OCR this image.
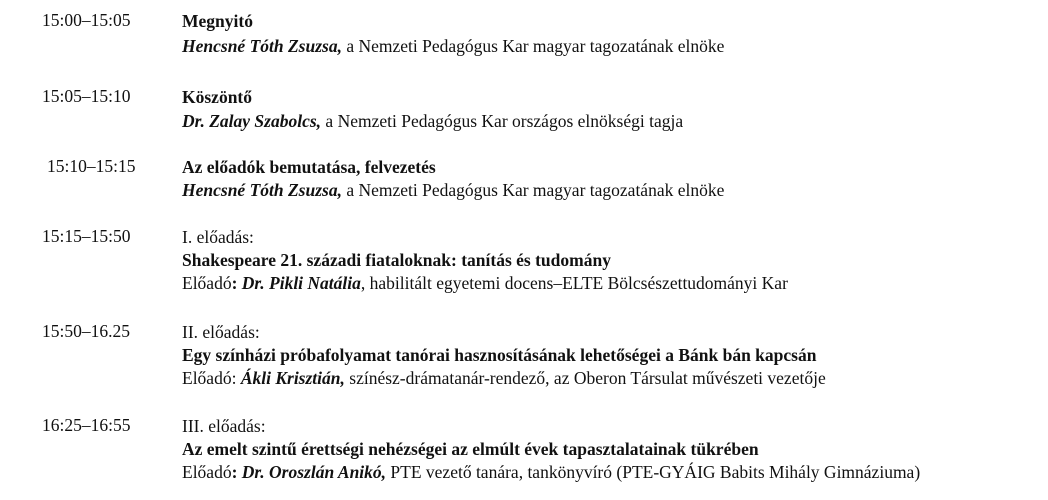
15:00–15:05	Megnyitó
Hencsné Tóth Zsuzsa, a Nemzeti Pedagógus Kar magyar tagozatának elnöke
15:05–15:10	Köszöntő
Dr. Zalay Szabolcs, a Nemzeti Pedagógus Kar országos elnökségi tagja
15:10–15:15	Az előadók bemutatása, felvezetés
Hencsné Tóth Zsuzsa, a Nemzeti Pedagógus Kar magyar tagozatának elnöke
15:15–15:50	I. előadás:
Shakespeare 21. századi fiataloknak: tanítás és tudomány
Előadó: Dr. Pikli Natália, habilitált egyetemi docens–ELTE Bölcsészettudományi Kar
15:50–16.25	II. előadás:
Egy színházi próbafolyamat tanórai hasznosításának lehetőségei a Bánk bán kapcsán
Előadó: Ákli Krisztián, színész-drámatanár-rendező, az Oberon Társulat művészeti vezetője
16:25–16:55	III. előadás:
Az emelt szintű érettségi nehézségei az elmúlt évek tapasztalatainak tükrében
Előadó: Dr. Oroszlán Anikó, PTE vezető tanára, tankönyvíró (PTE-GYÁIG Babits Mihály Gimnáziuma)
